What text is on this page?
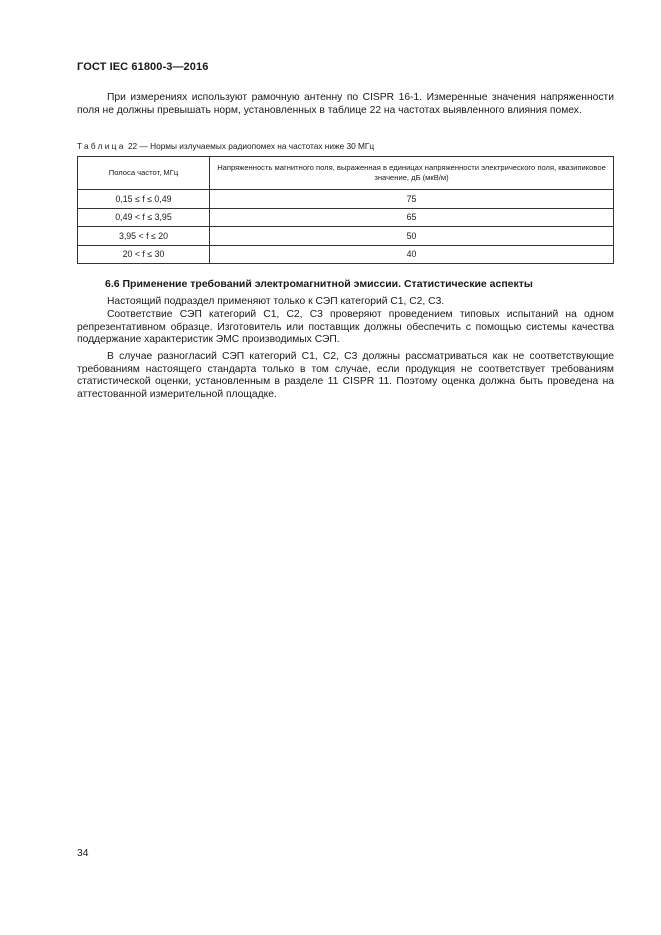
ГОСТ IEC 61800-3—2016

При измерениях используют рамочную антенну по CISPR 16-1. Измеренные значения напряженности поля не должны превышать норм, установленных в таблице 22 на частотах выявленного влияния помех.

Таблица 22 — Нормы излучаемых радиопомех на частотах ниже 30 МГц
Полоса частот, МГц	Напряженность магнитного поля, выраженная в единицах напряженности электрического поля, квазипиковое значение, дБ (мкВ/м)
0,15 ≤ f ≤ 0,49	75
0,49 < f ≤ 3,95	65
3,95 < f ≤ 20	50
20 < f ≤ 30	40
6.6 Применение требований электромагнитной эмиссии. Статистические аспекты

Настоящий подраздел применяют только к СЭП категорий С1, С2, С3.

Соответствие СЭП категорий С1, С2, С3 проверяют проведением типовых испытаний на одном репрезентативном образце. Изготовитель или поставщик должны обеспечить с помощью системы качества поддержание характеристик ЭМС производимых СЭП.

В случае разногласий СЭП категорий С1, С2, С3 должны рассматриваться как не соответствующие требованиям настоящего стандарта только в том случае, если продукция не соответствует требованиям статистической оценки, установленным в разделе 11 CISPR 11. Поэтому оценка должна быть проведена на аттестованной измерительной площадке.

34
